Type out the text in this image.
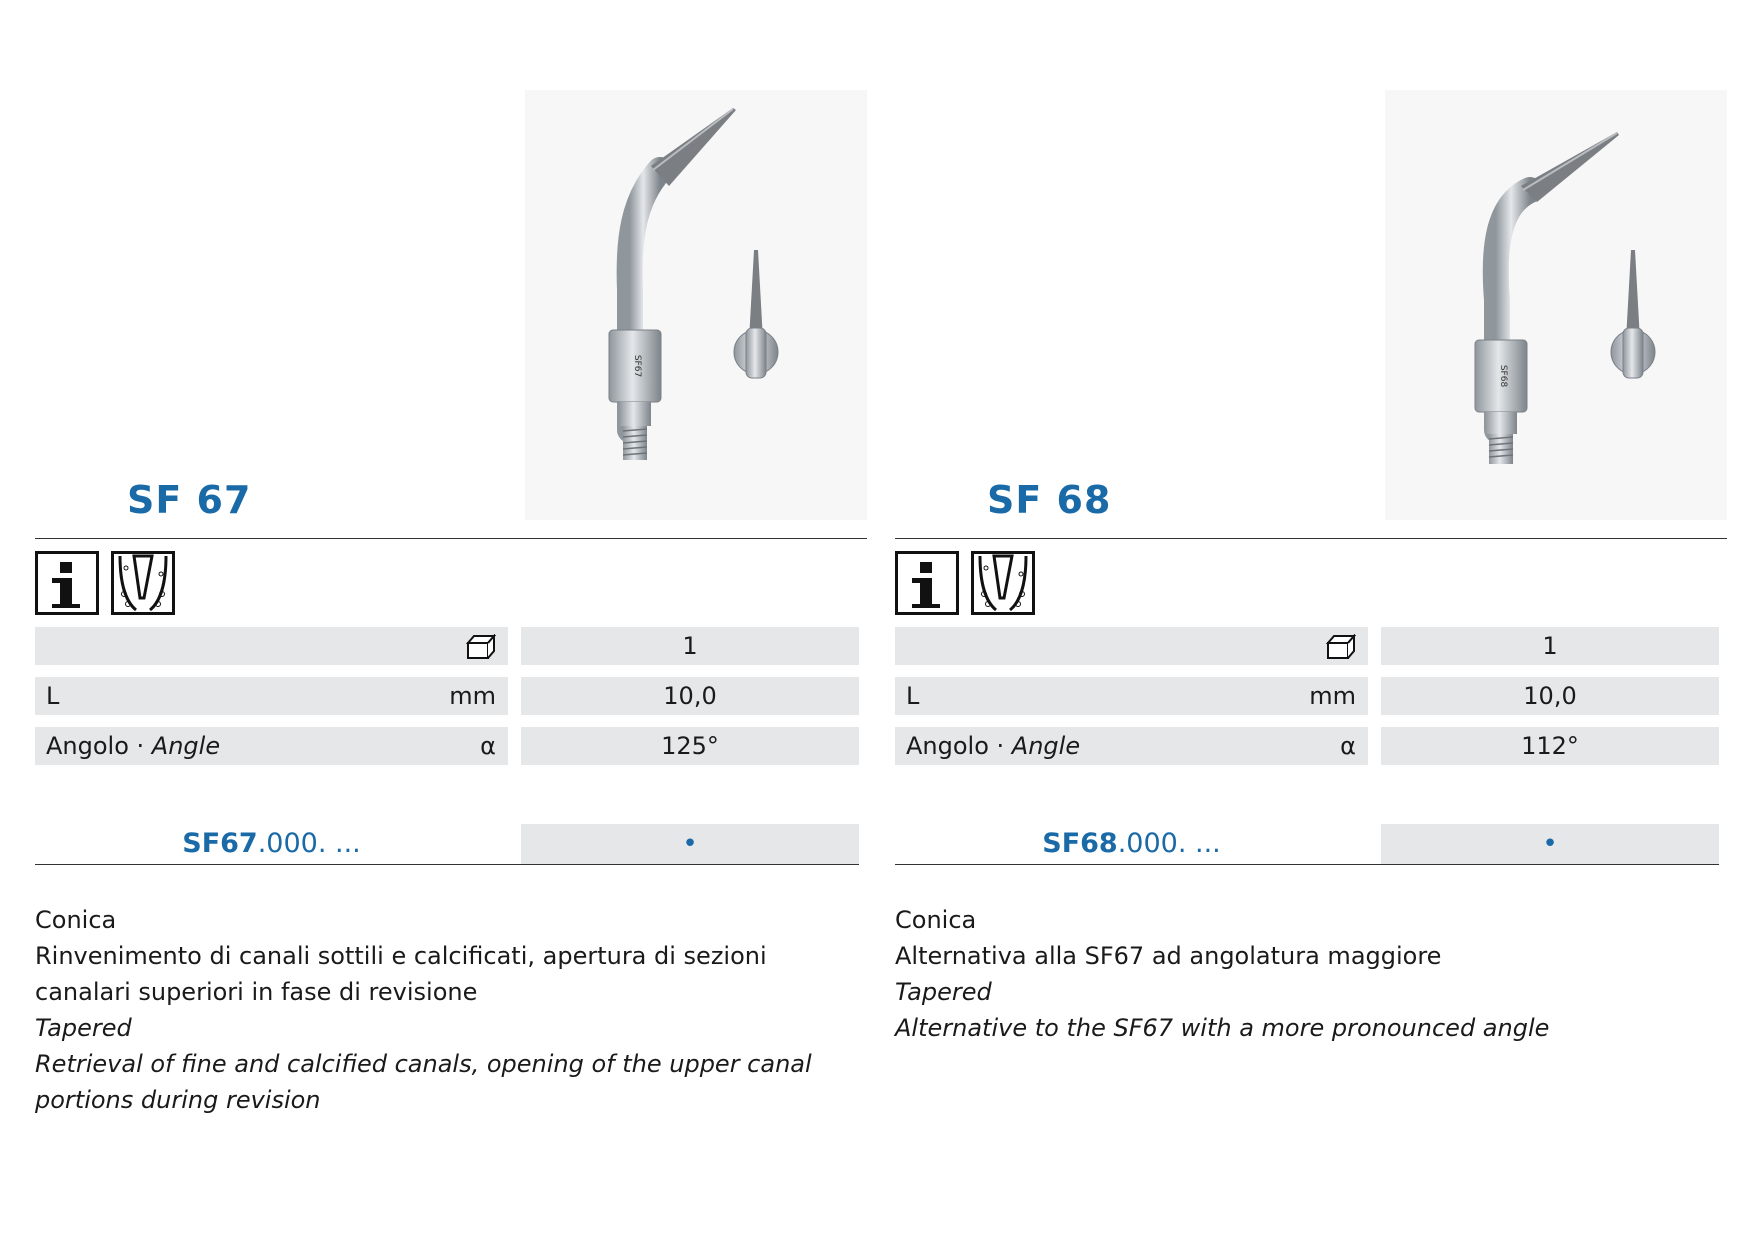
SF67
SF 67
1
L	mm	10,0
Angolo · Angle	α	125°
SF67.000. ...	•

Conica

Rinvenimento di canali sottili e calcificati, apertura di sezioni canalari superiori in fase di revisione

Tapered

Retrieval of fine and calcified canals, opening of the upper canal portions during revision

SF68
SF 68
1
L	mm	10,0
Angolo · Angle	α	112°
SF68.000. ...	•

Conica

Alternativa alla SF67 ad angolatura maggiore

Tapered

Alternative to the SF67 with a more pronounced angle
